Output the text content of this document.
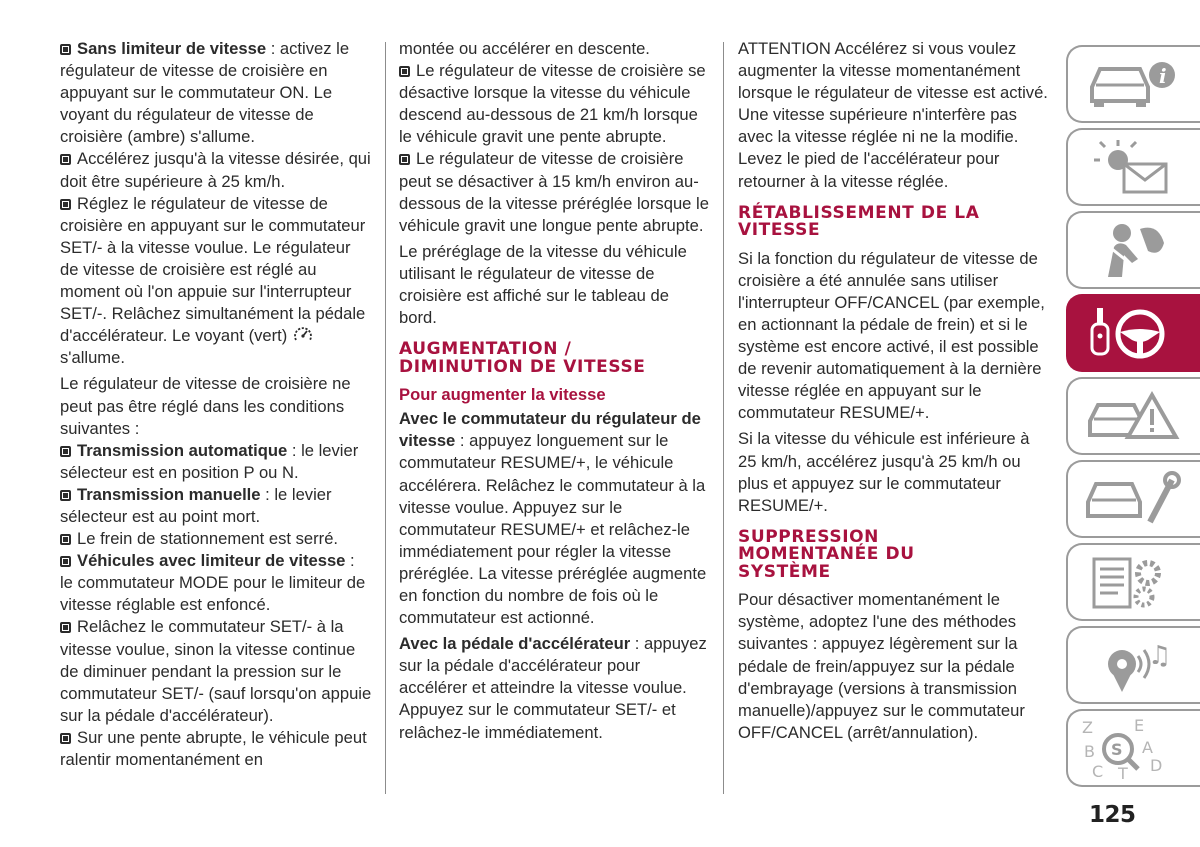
Sans limiteur de vitesse : activez le régulateur de vitesse de croisière en appuyant sur le commutateur ON. Le voyant du régulateur de vitesse de croisière (ambre) s'allume.

Accélérez jusqu'à la vitesse désirée, qui doit être supérieure à 25 km/h.

Réglez le régulateur de vitesse de croisière en appuyant sur le commutateur SET/- à la vitesse voulue. Le régulateur de vitesse de croisière est réglé au moment où l'on appuie sur l'interrupteur SET/-. Relâchez simultanément la pédale d'accélérateur. Le voyant (vert)  s'allume.

Le régulateur de vitesse de croisière ne peut pas être réglé dans les conditions suivantes :

Transmission automatique : le levier sélecteur est en position P ou N.

Transmission manuelle : le levier sélecteur est au point mort.

Le frein de stationnement est serré.

Véhicules avec limiteur de vitesse : le commutateur MODE pour le limiteur de vitesse réglable est enfoncé.

Relâchez le commutateur SET/- à la vitesse voulue, sinon la vitesse continue de diminuer pendant la pression sur le commutateur SET/- (sauf lorsqu'on appuie sur la pédale d'accélérateur).

Sur une pente abrupte, le véhicule peut ralentir momentanément en

montée ou accélérer en descente.

Le régulateur de vitesse de croisière se désactive lorsque la vitesse du véhicule descend au-dessous de 21 km/h lorsque le véhicule gravit une pente abrupte.

Le régulateur de vitesse de croisière peut se désactiver à 15 km/h environ au-dessous de la vitesse préréglée lorsque le véhicule gravit une longue pente abrupte.

Le préréglage de la vitesse du véhicule utilisant le régulateur de vitesse de croisière est affiché sur le tableau de bord.

AUGMENTATION /
DIMINUTION DE VITESSE
Pour augmenter la vitesse

Avec le commutateur du régulateur de vitesse : appuyez longuement sur le commutateur RESUME/+, le véhicule accélérera. Relâchez le commutateur à la vitesse voulue. Appuyez sur le commutateur RESUME/+ et relâchez-le immédiatement pour régler la vitesse préréglée. La vitesse préréglée augmente en fonction du nombre de fois où le commutateur est actionné.

Avec la pédale d'accélérateur : appuyez sur la pédale d'accélérateur pour accélérer et atteindre la vitesse voulue. Appuyez sur le commutateur SET/- et relâchez-le immédiatement.

ATTENTION Accélérez si vous voulez augmenter la vitesse momentanément lorsque le régulateur de vitesse est activé. Une vitesse supérieure n'interfère pas avec la vitesse réglée ni ne la modifie. Levez le pied de l'accélérateur pour retourner à la vitesse réglée.

RÉTABLISSEMENT DE LA
VITESSE

Si la fonction du régulateur de vitesse de croisière a été annulée sans utiliser l'interrupteur OFF/CANCEL (par exemple, en actionnant la pédale de frein) et si le système est encore activé, il est possible de revenir automatiquement à la dernière vitesse réglée en appuyant sur le commutateur RESUME/+.

Si la vitesse du véhicule est inférieure à 25 km/h, accélérez jusqu'à 25 km/h ou plus et appuyez sur le commutateur RESUME/+.

SUPPRESSION
MOMENTANÉE DU
SYSTÈME

Pour désactiver momentanément le système, adoptez l'une des méthodes suivantes : appuyez légèrement sur la pédale de frein/appuyez sur la pédale d'embrayage (versions à transmission manuelle)/appuyez sur le commutateur OFF/CANCEL (arrêt/annulation).

i
♫
Z	E
B	A
C	D
T
S
125
